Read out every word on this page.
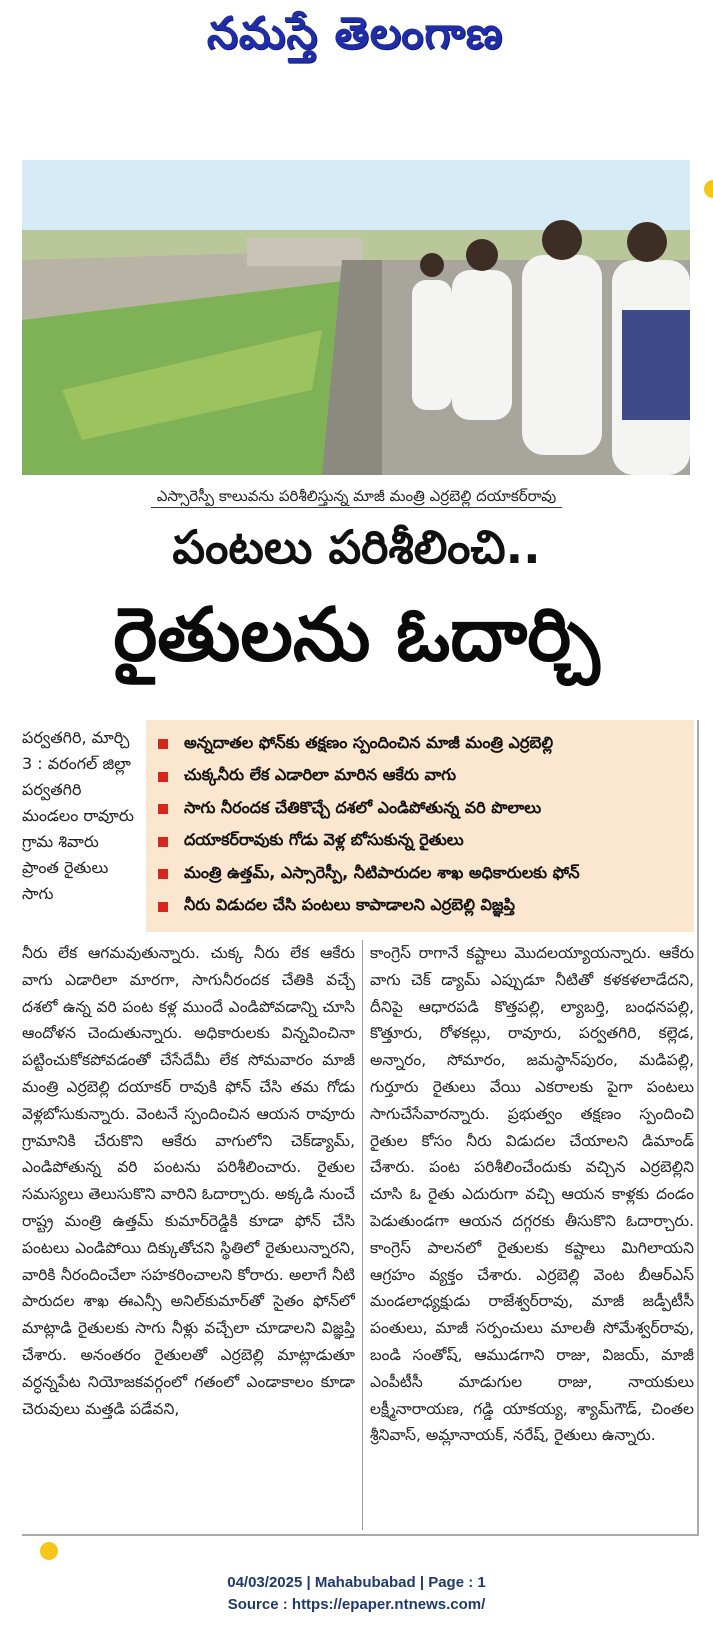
నమస్తే తెలంగాణ
ఎస్సారెస్పీ కాలువను పరిశీలిస్తున్న మాజీ మంత్రి ఎర్రబెల్లి దయాకర్‌రావు
పంటలు పరిశీలించి..
రైతులను ఓదార్చి
పర్వతగిరి, మార్చి 3 : వరంగల్ జిల్లా పర్వతగిరి మండలం రావూరు గ్రామ శివారు ప్రాంత రైతులు సాగు
అన్నదాతల ఫోన్‌కు తక్షణం స్పందించిన మాజీ మంత్రి ఎర్రబెల్లి
చుక్కనీరు లేక ఎడారిలా మారిన ఆకేరు వాగు
సాగు నీరందక చేతికొచ్చే దశలో ఎండిపోతున్న వరి పొలాలు
దయాకర్‌రావుకు గోడు వెళ్ల బోసుకున్న రైతులు
మంత్రి ఉత్తమ్, ఎస్సారెస్పీ, నీటిపారుదల శాఖ అధికారులకు ఫోన్
నీరు విడుదల చేసి పంటలు కాపాడాలని ఎర్రబెల్లి విజ్ఞప్తి

నీరు లేక ఆగమవుతున్నారు. చుక్క నీరు లేక ఆకేరు వాగు ఎడారిలా మారగా, సాగునీరందక చేతికి వచ్చే దశలో ఉన్న వరి పంట కళ్ల ముందే ఎండిపోవడాన్ని చూసి ఆందోళన చెందుతున్నారు. అధికారులకు విన్నవించినా పట్టించుకోకపోవడంతో చేసేదేమీ లేక సోమవారం మాజీ మంత్రి ఎర్రబెల్లి దయాకర్ రావుకి ఫోన్ చేసి తమ గోడు వెళ్లబోసుకున్నారు. వెంటనే స్పందించిన ఆయన రావూరు గ్రామానికి చేరుకొని ఆకేరు వాగులోని చెక్‌డ్యామ్, ఎండిపోతున్న వరి పంటను పరిశీలించారు. రైతుల సమస్యలు తెలుసుకొని వారిని ఓదార్చారు. అక్కడి నుంచే రాష్ట్ర మంత్రి ఉత్తమ్ కుమార్‌రెడ్డికి కూడా ఫోన్ చేసి పంటలు ఎండిపోయి దిక్కుతోచని స్థితిలో రైతులున్నారని, వారికి నీరందించేలా సహకరించాలని కోరారు. అలాగే నీటి పారుదల శాఖ ఈఎన్సీ అనిల్‌కుమార్‌తో సైతం ఫోన్‌లో మాట్లాడి రైతులకు సాగు నీళ్లు వచ్చేలా చూడాలని విజ్ఞప్తి చేశారు. అనంతరం రైతులతో ఎర్రబెల్లి మాట్లాడుతూ వర్ధన్నపేట నియోజకవర్గంలో గతంలో ఎండాకాలం కూడా చెరువులు మత్తడి పడేవని,

కాంగ్రెస్ రాగానే కష్టాలు మొదలయ్యాయన్నారు. ఆకేరు వాగు చెక్ డ్యామ్ ఎప్పుడూ నీటితో కళకళలాడేదని, దీనిపై ఆధారపడి కొత్తపల్లి, ల్యాబర్తి, బంధనపల్లి, కొత్తూరు, రోళకల్లు, రావూరు, పర్వతగిరి, కల్లెడ, అన్నారం, సోమారం, జమస్థాన్‌పురం, మడిపల్లి, గుర్తూరు రైతులు వేయి ఎకరాలకు పైగా పంటలు సాగుచేసేవారన్నారు. ప్రభుత్వం తక్షణం స్పందించి రైతుల కోసం నీరు విడుదల చేయాలని డిమాండ్ చేశారు. పంట పరిశీలించేందుకు వచ్చిన ఎర్రబెల్లిని చూసి ఓ రైతు ఎదురుగా వచ్చి ఆయన కాళ్లకు దండం పెడుతుండగా ఆయన దగ్గరకు తీసుకొని ఓదార్చారు. కాంగ్రెస్ పాలనలో రైతులకు కష్టాలు మిగిలాయని ఆగ్రహం వ్యక్తం చేశారు. ఎర్రబెల్లి వెంట బీఆర్‌ఎస్ మండలాధ్యక్షుడు రాజేశ్వర్‌రావు, మాజీ జడ్పీటీసీ పంతులు, మాజీ సర్పంచులు మాలతీ సోమేశ్వర్‌రావు, బండి సంతోష్, ఆముడగాని రాజు, విజయ్, మాజీ ఎంపీటీసీ మాడుగుల రాజు, నాయకులు లక్ష్మీనారాయణ, గడ్డి యాకయ్య, శ్యామ్‌గౌడ్, చింతల శ్రీనివాస్, అమ్లానాయక్, నరేష్, రైతులు ఉన్నారు.

04/03/2025 | Mahabubabad | Page : 1
Source : https://epaper.ntnews.com/
